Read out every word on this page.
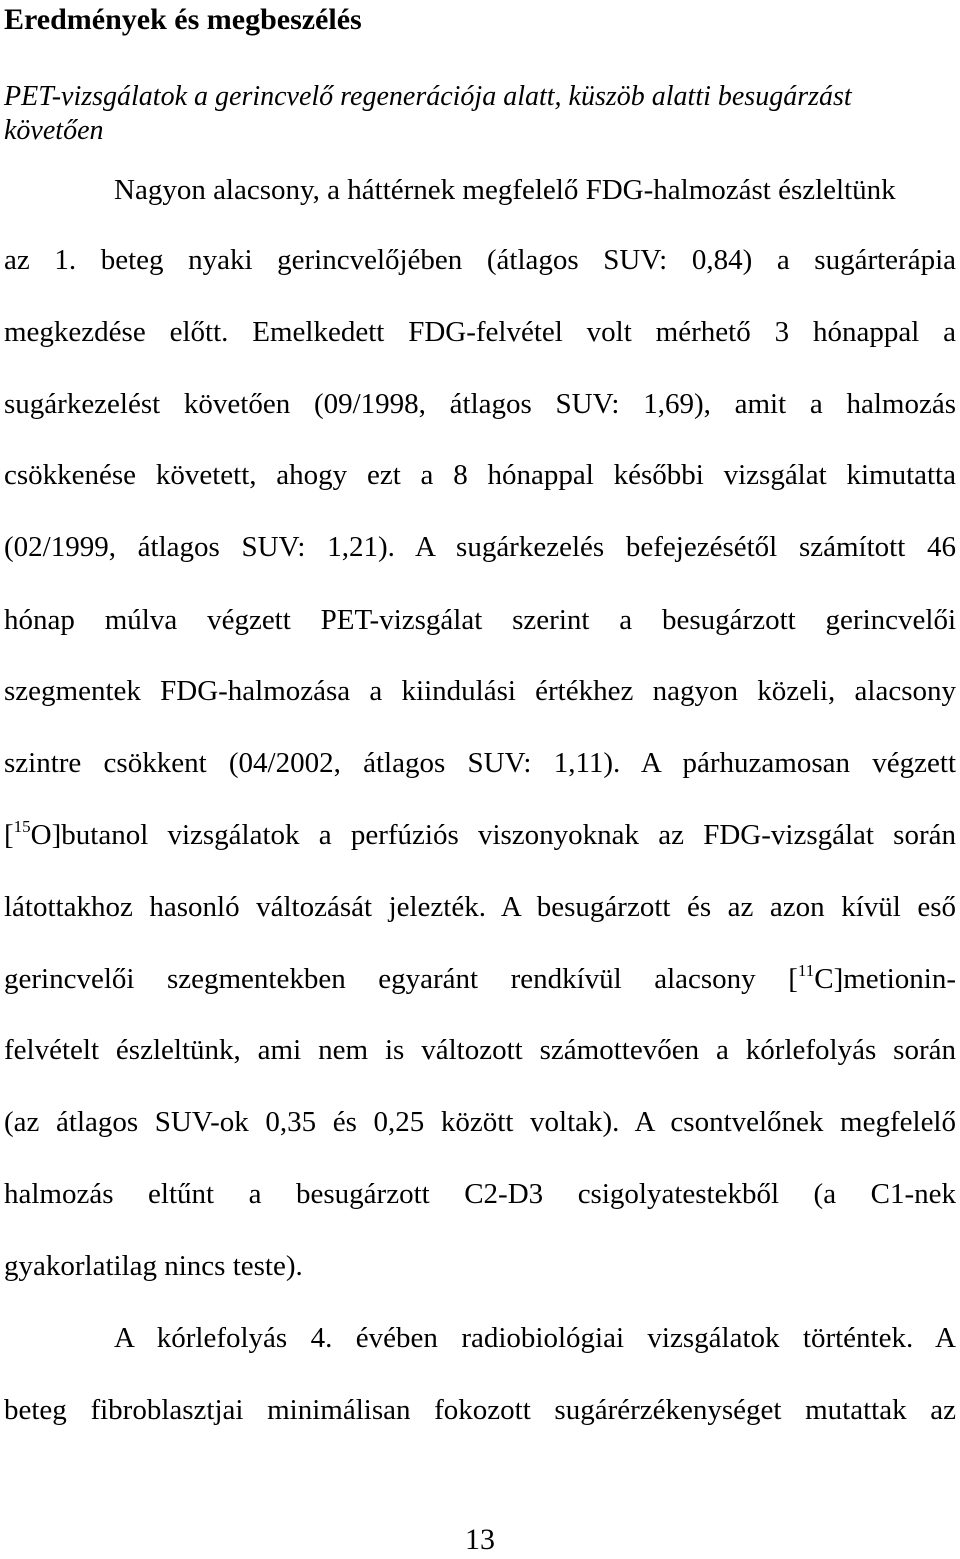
Eredmények és megbeszélés
PET-vizsgálatok a gerincvelő regenerációja alatt, küszöb alatti besugárzást
követően
Nagyon alacsony, a háttérnek megfelelő FDG-halmozást észleltünk
az 1. beteg nyaki gerincvelőjében (átlagos SUV: 0,84) a sugárterápia
megkezdése előtt. Emelkedett FDG-felvétel volt mérhető 3 hónappal a
sugárkezelést követően (09/1998, átlagos SUV: 1,69), amit a halmozás
csökkenése követett, ahogy ezt a 8 hónappal későbbi vizsgálat kimutatta
(02/1999, átlagos SUV: 1,21). A sugárkezelés befejezésétől számított 46
hónap múlva végzett PET-vizsgálat szerint a besugárzott gerincvelői
szegmentek FDG-halmozása a kiindulási értékhez nagyon közeli, alacsony
szintre csökkent (04/2002, átlagos SUV: 1,11). A párhuzamosan végzett
[$^{15}$O]butanol vizsgálatok a perfúziós viszonyoknak az FDG-vizsgálat során
látottakhoz hasonló változását jelezték. A besugárzott és az azon kívül eső
gerincvelői szegmentekben egyaránt rendkívül alacsony [$^{11}$C]metionin-
felvételt észleltünk, ami nem is változott számottevően a kórlefolyás során
(az átlagos SUV-ok 0,35 és 0,25 között voltak). A csontvelőnek megfelelő
halmozás eltűnt a besugárzott C2-D3 csigolyatestekből (a C1-nek
gyakorlatilag nincs teste).
A kórlefolyás 4. évében radiobiológiai vizsgálatok történtek. A
beteg fibroblasztjai minimálisan fokozott sugárérzékenységet mutattak az
13
